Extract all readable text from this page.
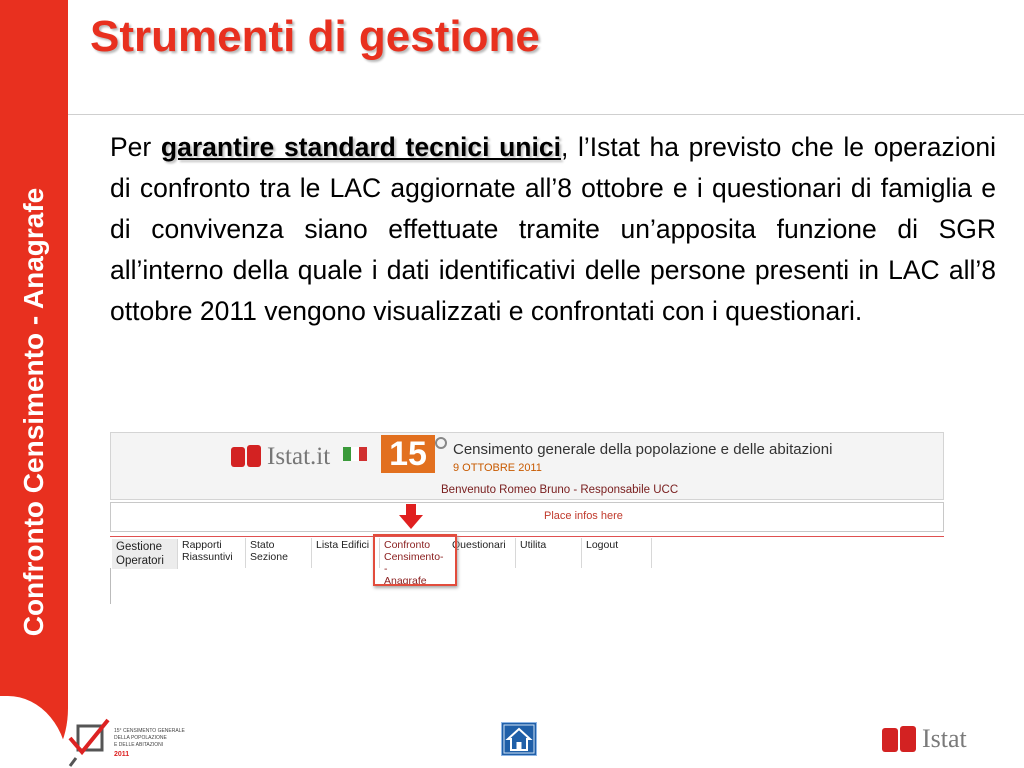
Confronto Censimento - Anagrafe
Strumenti di gestione

Per garantire standard tecnici unici, l’Istat ha previsto che le operazioni di confronto tra le LAC aggiornate all’8 ottobre e i questionari di famiglia e di convivenza siano effettuate tramite un’apposita funzione di SGR all’interno della quale i dati identificativi delle persone presenti in LAC all’8 ottobre 2011 vengono visualizzati e confrontati con i questionari.

Istat.it 15	Censimento generale della popolazione e delle abitazioni
9 OTTOBRE 2011
Benvenuto Romeo Bruno - Responsabile UCC
Place infos here
Gestione
Operatori
Rapporti
Riassuntivi
Stato
Sezione
Lista Edifici	Confronto
Censimento--
Anagrafe
Questionari	Utilita	Logout
15° CENSIMENTO GENERALE
DELLA POPOLAZIONE
E DELLE ABITAZIONI
2011
Istat
